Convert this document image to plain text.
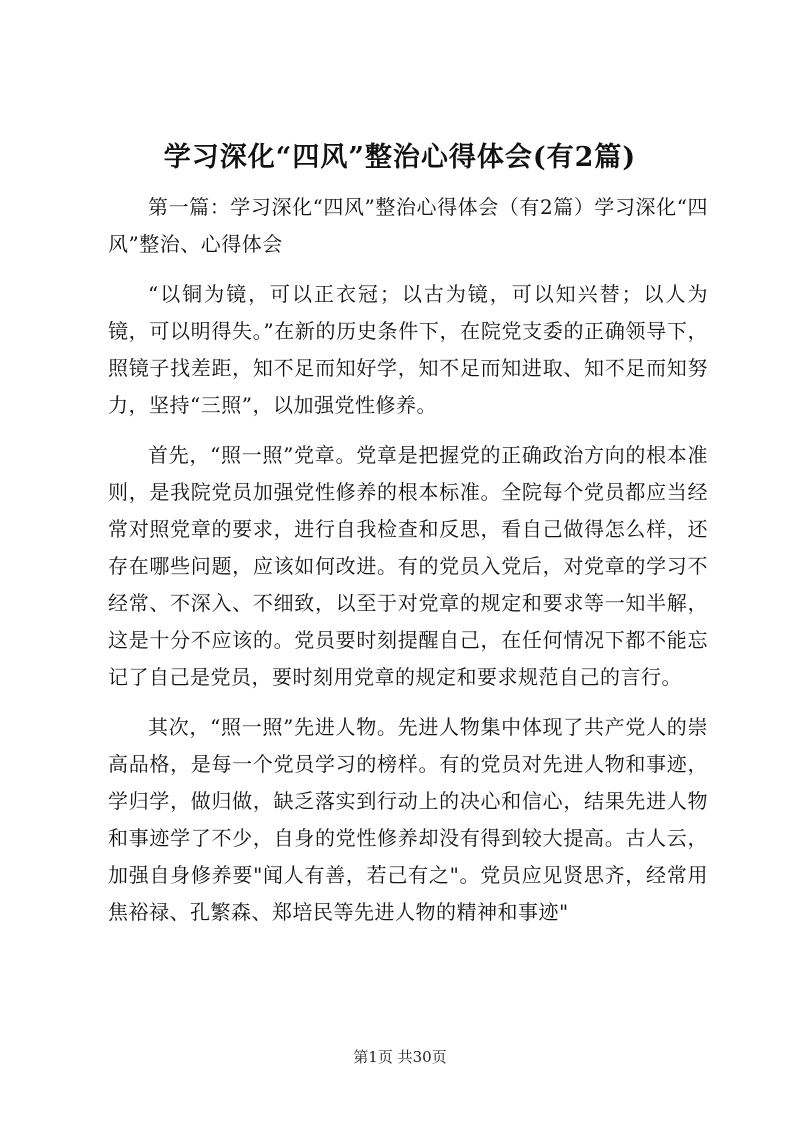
学习深化“四风”整治心得体会(有2篇)

第一篇：学习深化“四风”整治心得体会（有2篇）学习深化“四风”整治、心得体会

“以铜为镜，可以正衣冠；以古为镜，可以知兴替；以人为镜，可以明得失。”在新的历史条件下，在院党支委的正确领导下，照镜子找差距，知不足而知好学，知不足而知进取、知不足而知努力，坚持“三照”，以加强党性修养。

首先，“照一照”党章。党章是把握党的正确政治方向的根本准则，是我院党员加强党性修养的根本标准。全院每个党员都应当经常对照党章的要求，进行自我检查和反思，看自己做得怎么样，还存在哪些问题，应该如何改进。有的党员入党后，对党章的学习不经常、不深入、不细致，以至于对党章的规定和要求等一知半解，这是十分不应该的。党员要时刻提醒自己，在任何情况下都不能忘记了自己是党员，要时刻用党章的规定和要求规范自己的言行。

其次，“照一照”先进人物。先进人物集中体现了共产党人的崇高品格，是每一个党员学习的榜样。有的党员对先进人物和事迹，学归学，做归做，缺乏落实到行动上的决心和信心，结果先进人物和事迹学了不少，自身的党性修养却没有得到较大提高。古人云，加强自身修养要"闻人有善，若己有之"。党员应见贤思齐，经常用焦裕禄、孔繁森、郑培民等先进人物的精神和事迹"

第1页 共30页
